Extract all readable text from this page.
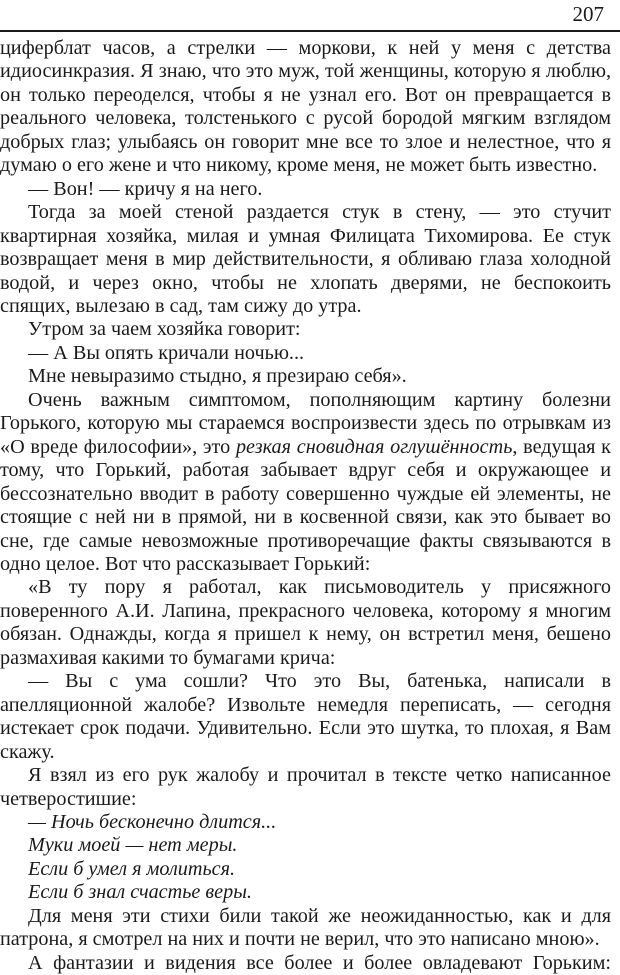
207

циферблат часов, а стрелки — моркови, к ней у меня с детства идиосинкразия. Я знаю, что это муж, той женщины, которую я люблю, он только переоделся, чтобы я не узнал его. Вот он превращается в реального человека, толстенького с русой бородой мягким взглядом добрых глаз; улыбаясь он говорит мне все то злое и нелестное, что я думаю о его жене и что никому, кроме меня, не может быть известно.

— Вон! — кричу я на него.

Тогда за моей стеной раздается стук в стену, — это стучит квартирная хозяйка, милая и умная Филицата Тихомирова. Ее стук возвращает меня в мир действительности, я обливаю глаза холодной водой, и через окно, чтобы не хлопать дверями, не беспокоить спящих, вылезаю в сад, там сижу до утра.

Утром за чаем хозяйка говорит:

— А Вы опять кричали ночью...

Мне невыразимо стыдно, я презираю себя».

Очень важным симптомом, пополняющим картину болезни Горького, которую мы стараемся воспроизвести здесь по отрывкам из «О вреде философии», это резкая сновидная оглушённость, ведущая к тому, что Горький, работая забывает вдруг себя и окружающее и бессознательно вводит в работу совершенно чуждые ей элементы, не стоящие с ней ни в прямой, ни в косвенной связи, как это бывает во сне, где самые невозможные противоречащие факты связываются в одно целое. Вот что рассказывает Горький:

«В ту пору я работал, как письмоводитель у присяжного поверенного А.И. Лапина, прекрасного человека, которому я многим обязан. Однажды, когда я пришел к нему, он встретил меня, бешено размахивая какими то бумагами крича:

— Вы с ума сошли? Что это Вы, батенька, написали в апелляционной жалобе? Извольте немедля переписать, — сегодня истекает срок подачи. Удивительно. Если это шутка, то плохая, я Вам скажу.

Я взял из его рук жалобу и прочитал в тексте четко написанное четверостишие:

— Ночь бесконечно длится...

Муки моей — нет меры.

Если б умел я молиться.

Если б знал счастье веры.

Для меня эти стихи били такой же неожиданностью, как и для патрона, я смотрел на них и почти не верил, что это написано мною».

А фантазии и видения все более и более овладевают Горьким:
